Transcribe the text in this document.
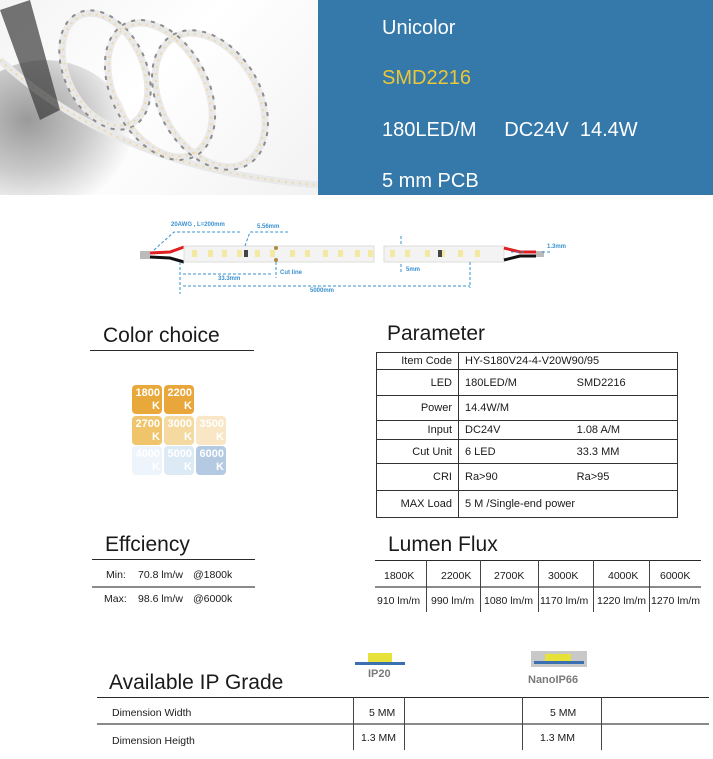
Unicolor
SMD2216
180LED/M     DC24V  14.4W
5 mm PCB
20AWG , L=200mm	5.56mm
33.3mm
Cut line
5000mm
5mm
1.3mm
Color choice
1800
K
2200
K
2700
K
3000
K
3500
K
4000
K
5000
K
6000
K
Parameter
Item Code	HY-S180V24-4-V20W90/95	
LED	180LED/M	SMD2216
Power	14.4W/M	
Input	DC24V	1.08 A/M
Cut Unit	6 LED	33.3 MM
CRI	Ra>90	Ra>95
MAX Load	5 M /Single-end power	
Effciency
Min: 70.8 lm/w @1800k
Max: 98.6 lm/w @6000k
Lumen Flux
1800K	2200K 2700K 3000K	4000K 6000K
910 lm/m 990 lm/m 1080 lm/m 1170 lm/m 1220 lm/m 1270 lm/m
Available IP Grade	IP20	NanoIP66
Dimension Width	5 MM	5 MM
Dimension Heigth	1.3 MM	1.3 MM
